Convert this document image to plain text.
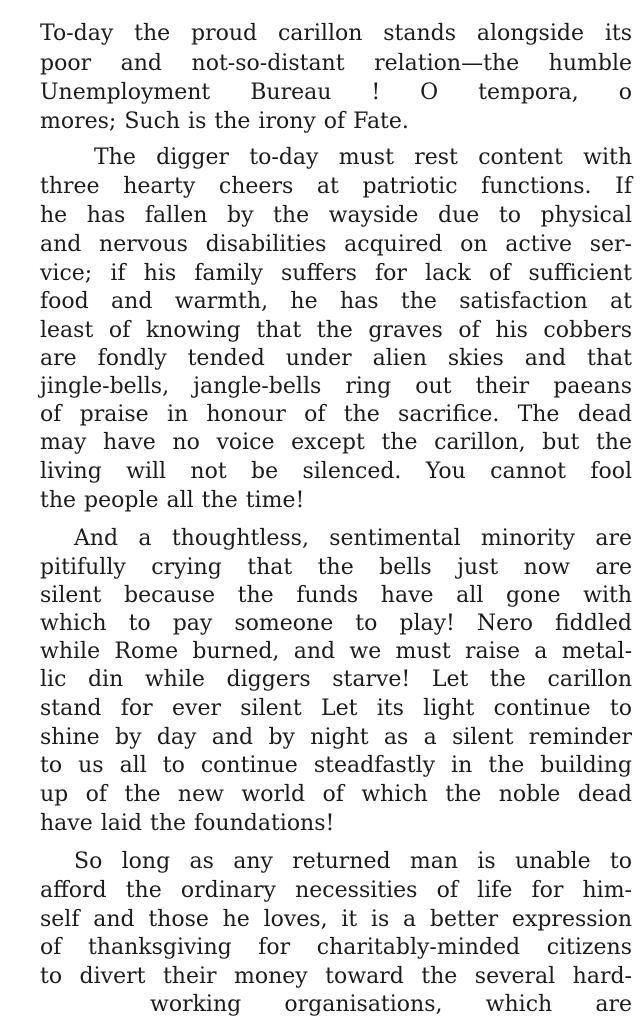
To-day the proud carillon stands alongside its

poor and not-so-distant relation—the humble

Unemployment Bureau ! O tempora, o

mores; Such is the irony of Fate.

The digger to-day must rest content with

three hearty cheers at patriotic functions. If

he has fallen by the wayside due to physical

and nervous disabilities acquired on active ser-

vice; if his family suffers for lack of sufficient

food and warmth, he has the satisfaction at

least of knowing that the graves of his cobbers

are fondly tended under alien skies and that

jingle-bells, jangle-bells ring out their paeans

of praise in honour of the sacrifice. The dead

may have no voice except the carillon, but the

living will not be silenced. You cannot fool

the people all the time!

And a thoughtless, sentimental minority are

pitifully crying that the bells just now are

silent because the funds have all gone with

which to pay someone to play! Nero fiddled

while Rome burned, and we must raise a metal-

lic din while diggers starve! Let the carillon

stand for ever silent Let its light continue to

shine by day and by night as a silent reminder

to us all to continue steadfastly in the building

up of the new world of which the noble dead

have laid the foundations!

So long as any returned man is unable to

afford the ordinary necessities of life for him-

self and those he loves, it is a better expression

of thanksgiving for charitably-minded citizens

to divert their money toward the several hard-

working organisations, which are
